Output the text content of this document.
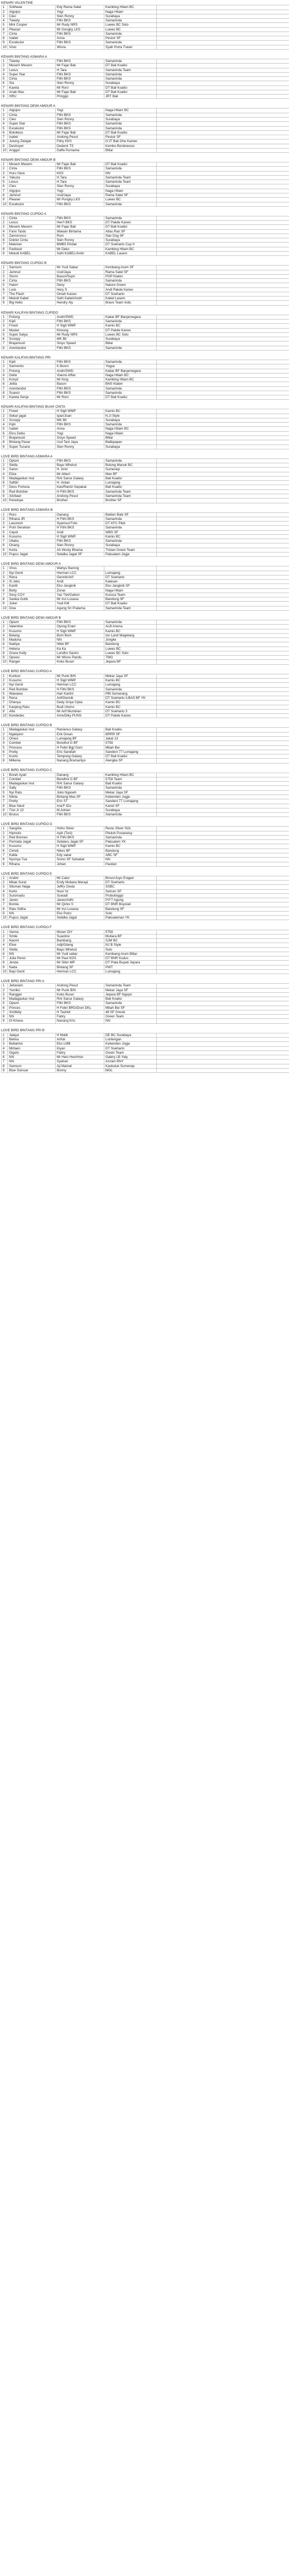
KENARI VALENTINE
1	Soliheee	Edy Rama Satel	Kambing Hitam BC	
2	Algojoo	Yogi	Naga Hitam	
3	Cleo	Sien Ronny	Surabaya	
4	Tweety	Fithi BKS	Samarinda	
5	Mini Cooper	Mr Rudy NRS	Luwes BC Solo	
6	Pleaser	Mr Dongky LKS	Luwes BC	
7	Cinta	Fithi BKS	Samarinda	
8	Isabel	Anna	Pesisir SF	
9	Excekutor	Fithi BKS	Samarinda	
10	Visio	Wisnu	Syah Putra Travel	
KENARI BINTANG ASMARA A
1	Tweety	Fithi BKS	Samarinda	
2	Mesem Mesem	Mr Fajar Bali	DT Bali Koalisi	
3	Lexus	H.Tara	Samarinda Team	
4	Super Star	Fithi BKS	Samarinda	
5	Cinta	Fithi BKS	Samarinda	
6	Sia	Sien Ronny	Surabaya	
7	Kareta	Mr Roni	DT Bali Koalisi	
8	Anak Mas	Mr Fajar Bali	DT Bali Koalisi	
9	HRU	Pringgo	JRT Bali	
KENARI BINTANG DEWI AMOUR A
1	Algojoo	Yogi	Naga Hitam BC	
2	Cinta	Fithi BKS	Samarinda	
3	Cleo	Sien Ronny	Surabaya	
4	Super Star	Fithi BKS	Samarinda	
5	Excekutor	Fithi BKS	Samarinda	
6	Bolokkoo	Mr Fajar Bali	DT Bali Koalisi	
7	Isabel	Andong Pesut	Pesisir SF	
8	Jutung Zielajat	Fithy KKS	D'JT Bali Ghe Kanwo	
9	Destroyer	Dedenk TS	Kembo Bondowoso	
10	Anggur	Daffa Purnama	Blitar	
KENARI BINTANG DEWI AMOUR B
1	Mesem Mesem	Mr Fajar Bali	DT Bali Koalisi	
2	Cinta	Fithi BKS	Samarinda	
3	Huru Hara	KKS	NN	
4	Yakuza	H.Tara	Samarinda Team	
5	Lexus	H.Tara	Samarinda Team	
6	Cleo	Sien Ronny	Surabaya	
7	Algojoo	Yogi	Naga Hitam	
8	Jamrud	Usd/Jaya	Rama Satel SF	
9	Pleaser	Mr Pongky LKS	Luwes BC	
10	Excekutor	Fithi BKS	Samarinda	
KENARI BINTANG CUPIDO A
1	Cinta	Fithi BKS	Samarinda	
2	Lexus	Hen't BKS	DT Pakde Karwo	
3	Mesem Mesem	Mr Fajar Bali	DT Bali Koalisi	
4	Fann Tastic	Wawan Bintama	Atlas Ran SF	
5	Zamoronco	Roni	Star Dog SF	
6	Dokter Cinta	Sien Ronny	Surabaya	
7	Malviner	BMBS Pirdak	DT Soeharto Cup II	
8	Parikesit	Mr Deko	Kambing Hitam BC	
9	Melodi KABEL	Safri KABEL/Antin	KABEL Lasem	
KENARI BINTANG CUPIDO B
1	Samson	Mr Yudi Sabar	Kembang Arum SF	
2	Jamrud	Usd/Jaya	Rama Satel SF	
3	Storm	Basori/Supri	POP Klaten	
4	Cinta	Fithi BKS	Samarinda	
5	Hatori	Deny	Nature Green	
6	Lock	Hery S	Andi Pakde Karwo	
7	The Flash	Omah Kanan	DT Soeharto	
8	Melodi Kabel	Safri Kabel/Andri	Kabel Lasem	
9	Big Hello	Hendry Aly	Bravo Team Indo.	
KENARI KALIFAN BINTANG CUPIDO
1	Potong	Andri/SWD	Kabar BF Banjarnegara	
2	Kipli	Fithi BKS	Samarinda	
3	Freed	H Sigit WMP	Kamis BC	
4	Master	Khoong	DT Pakde Karwo	
5	Super Satya	Mr Rudy NRS	Luwes BC Solo	
6	Scoopy	MK Bli	Surabaya	
7	Brajamusti	Sinyo Speed	Blitar	
8	Aventandor	Fithi BKS	Samarinda	
KENARI KALIFAN BINTANG PRI
1	Kipli	Fithi BKS	Samarinda	
2	Sarmento	K.Bonni	Yogya	
3	Potong	Andri/SWD	Kabar BF Banjarnegara	
4	Della	Vianno Affan	Naga Hitam BC	
5	Konyil	Mr King	Kambing Hitam BC	
6	Jelita	Basori	BNS Klaten	
7	Aventandor	Fithi BKS	Samarinda	
8	Suarez	Fithi BKS	Samarinda	
9	Kareta Senja	Mr Roni	DT Bali Koalisi	
KENARI KALIFAN BINTANG BUAH CINTA
1	Freed	H Sigit WMP	Kamis BC	
2	Sekar jagat	Ipan/Joan	N.Ji Style	
3	Scoopy	MK Bli	Surabaya	
4	Kipli	Fithi BKS	Samarinda	
5	Isabel	Anna	Naga Hitam BC	
6	Ekru Debo	Yogi	Naga Hitam	
7	Brajamusti	Sinyo Speed	Blitar	
8	Bintang Pasar	Usd Tani Jaya	Balikpapan	
9	Super Tucano	Sien Ronny	Surabaya	
LOVE BIRD BINTANG ASMARA A
1	Opium	Fithi BKS	Samarinda	
2	Stella	Bayu Whelsd	Bulung Manuk BC	
3	Saron	H. Amir	Sumenep	
4	Eliza	Mr Albert	Man BF	
5	Madagaskar mut	RAI Sanur Galaxy	Bali Koalisi	
6	Safitiri	H. Ardan	Lumajang	
7	Devu Fortuna	Kan/Rantzi Sepakat	Bali Koalisi	
8	Red Bomber	H Fithi BKS	Samarinda Team	
9	Aitzbaer	Andong Pesut	Samarinda Team	
10	Penelope	Brother	Brother SF	
LOVE BIRD BINTANG ASMARA B
1	Roro	Danang	Bakteri Baik SF	
2	Rihana JR	H Fithi BKS	Samarinda	
3	Lasoresh	Syamsul Foto	DT KFC Pleb	
4	Putri Senahan	H Fithi BKS	Samarinda	
5	Cepot	Andi	WBS SF	
6	Kusumo	H Sigit WMP	Kamis BC	
7	Ubaku	Fithi BKS	Samarinda	
8	Onang	Sien Ronny	Surabaya	
9	Kerta	Ah Wosty Bhama	Tristan Green Team	
10	Pupus Jagat	Selalka Jagat SF	Pakualam Jogja	
LOVE BIRD BINTANG DEWI AMOUR A
1	Virus	Wahyu Barong		
2	Nyi Genit	Herman LCC	Lumajang	
3	Rena	Gennik/Arif	DT Soeharto	
4	Si Jeks	Andi	Kalasan	
5	Kantil	Eko Jangkrik	Eko Jangkrik SF	
6	Betty	Zonar	Naga Hitam	
7	Sexy COY	Yaz Tiet/Gabon	Kurusa Team	
8	Saskia Gotik	Mr Irul Looana	Bandung SF	
9	Joker	Yudi KM	DT Bali Koalisi	
10	Diva	Agung Sri Pratama	Samarinda Team	
LOVE BIRD BINTANG DEWI AMOUR B
1	Opium	Fithi BKS	Samarinda	
2	Valentine	Oyong Eram	ALB Arema	
3	Kusumo	H Sigit WMP	Kamis BC	
4	Belang	Bom Bom	Ion Land Magelang	
5	Madona	NN	Jongke	
6	Nadiya	Nikki BF	Bandung	
7	Helena	Ka Ka	Luwes BC	
8	Grace Kelly	Londho Sastro	Luwes BC Solo	
9	Opsesi	Mr Wisnu Pandu	TMG	
10	Ranger	Koko Buser	Jepara BF	
LOVE BIRD BINTANG CUPIDO A
1	Kunkun	Mr Punk B/N	Mekar Jaya SF	
2	Kusumo	H Sigit WMP	Kamis BC	
3	Nyi Genit	Herman LCC	Lumajang	
4	Red Bomber	H Fithi BKS	Samarinda	
5	Wawawa	Hari Kartini	PBI Semarang	
6	Rena	Arif/Gennik	DT Soeharto /LBAS BF YK	
7	Dhanya	Dedy Griya Cipta	Kamis BC	
8	Kanjeng Ratu	Budi Utomo	Kamis BC	
9	Alfa	Mr Arif Mumbian	DT Soeharto 3	
10	Kendedes	Ame/Diky PUNS	DT Pakde Karwo	
LOVE BIRD BINTANG CUPIDO B
1	Madagaskar mut	Ranianus Galaxy	Bali Koalisi	
2	Ngatiyem	Erik Drean	BRRR SF	
3	Omeo	Lumajang BF	Jakal 13	
4	Combet	Bondhol G BF	5758	
5	Princess	H Febri Bgj/ Doni	Mbah Bei	
6	Pretty	Eric Sandiah	Sandeni 77 Lumajang	
7	Kunto	Tempong Galaxy	DT Bali Koalisi	
8	Millenia	Nanang Bramantyo	Alengka SF	
LOVE BIRD BINTANG CUPIDO C
1	Borah Ayati	Danang	Kambing Hitam BC	
2	Combet	Bendhol G BF	5758 Team	
3	Madagaskar mut	RAI Sanur Galaxy	Bali Koalisi	
4	Sally	Fithi BKS	Samarinda	
5	Nyi Ratu	Joko Ngaseh	Mekar Jaya SF	
6	Nikita	Bintang Mas SF	Kebenden Jogja	
7	Pretty	Eric ST	Sandeni 77 Lumajang	
8	Blue Navir	Ima'F-iDo	Kanet SF	
9	Trixi Jr 22	M.Adrian	Surabaya	
10	Brutus	Fithi BKS	Samarinda	
LOVE BIRD BINTANG CUPIDO D
1	Sangrila	Hoho Silver	Restu Silver SOL	
2	Hipnotis	Ayik (Toni)	Pituluh Punaneisy	
3	Red Bonnes	H Fithi BKS	Samarinda	
4	Permata Jagat	Selalaru Jagat SF	Pakualam YK	
5	Kusumo	H Sigit WMP	Kamis BC	
6	Cimek	Nikes BF	Bandung	
7	Kalila	Edy sakai	ABC SF	
8	Nyonya Tua	Somo SF Sahabat	NN	
9	Rihana	Johan	Pacitan	
LOVE BIRD BINTANG CUPIDO E
1	Andini	Mr Catur	Brovo/Joyo Eragen	
2	Mbak Surat	Endy Mubara Merapi	DT Soeharto	
3	Siluman Naga	Jeffry Oxela	SSBC	
4	Kerto	Noor hz	Setrum SF	
5	Suromadu	Suwadi	Probolinggo	
6	Jarwo	Jarwo/Adhi	P.P.T Agung	
7	Bonita	Mr Qizko S	DT BNR Boyolali	
8	Ratu Sidha	Mr Irul Looana	Bandung SF	
9	NN	Eko Putro	Solo	
10	Pupus Jagat	Selalka Jagat	Pakualaman YK	
LOVE BIRD BINTANG CUPIDO F
1	Vanna	Moser DIY	5758	
2	Smile	Suastino	Mutiara BF	
3	Naomi	Bambang	SJM BC	
4	Elive	Adji/Gilang	NJ B Style	
5	Stella	Bayu Whelsd	Solo	
6	NN	Mr Yudi sabar	Kembang Arum Blitar	
7	Julia Perez	Mr Paul KDS	DT BNR Kudus	
8	Jenda	Mr Sikin MP	DT Piala Bupati Jepara	
9	Nada	Bintang SF	PWT	
10	Bayi Genit	Herman LCC	Lumajang	
LOVE BIRD BINTANG PRI A
1	Jahanam	Andong Pesut	Samarinda Team	
2	Yumiko	Mr Punk B/N	Mekar Jaya SF	
3	Rangger	Koko Buser	Jepara BF Ngopo	
4	Madagaskar mut	RAI Sanur Galaxy	Bali Koalisi	
5	Opium	Fithi BKS	Samarinda	
6	Princes	H Febri BRG/Doni DKL	Mbah Bei SF	
7	Smilikity	H Tashkir	48 SF Gresik	
8	NN	Fabry	Green Team	
9	Dl Kriena	Nanang Kris	NN	
LOVE BIRD BINTANG PRI B
1	Jalaya	H Malik	DE BC Surabaya	
2	Betina	Arifuk	Lontengan	
3	Bellatrick	Eko LMB	Kebenden Jogja	
4	Mirtaen	Kiyan	DT Soeharto	
5	Gigolo	Fabry	Green Team	
6	NN	Mr Hein Hen/Hsin	Galery LB Yaty	
7	NN	Syahan	Azzam BNY	
8	Samson	Aji Mamat	Kasbuluk Sumenep	
9	Blue Sulvuar	Bonny	MGL	
